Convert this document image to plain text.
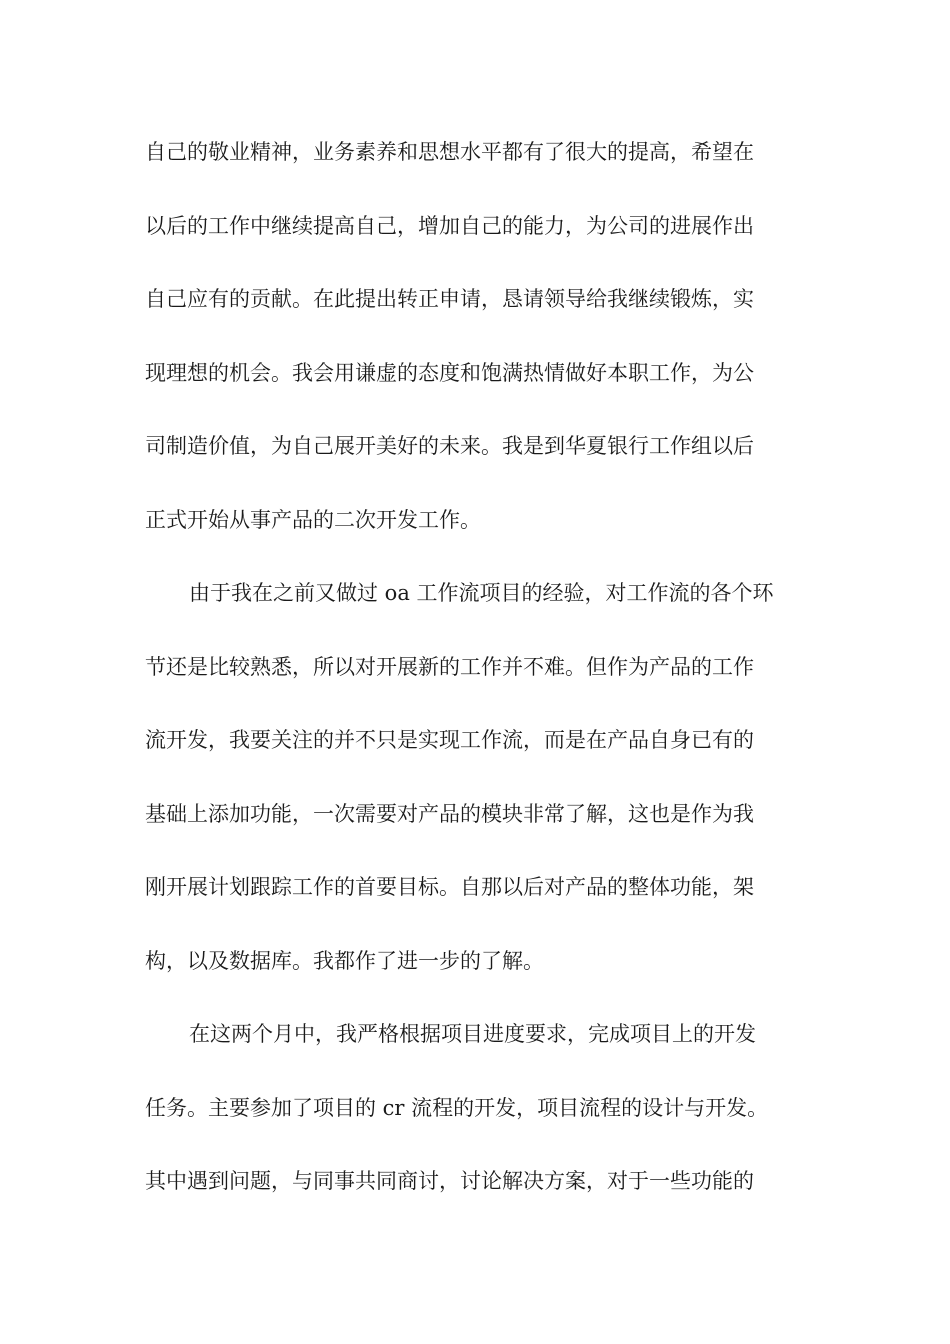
自己的敬业精神，业务素养和思想水平都有了很大的提高，希望在
以后的工作中继续提高自己，增加自己的能力，为公司的进展作出
自己应有的贡献。在此提出转正申请，恳请领导给我继续锻炼，实
现理想的机会。我会用谦虚的态度和饱满热情做好本职工作，为公
司制造价值，为自己展开美好的未来。我是到华夏银行工作组以后
正式开始从事产品的二次开发工作。
由于我在之前又做过 oa 工作流项目的经验，对工作流的各个环
节还是比较熟悉，所以对开展新的工作并不难。但作为产品的工作
流开发，我要关注的并不只是实现工作流，而是在产品自身已有的
基础上添加功能，一次需要对产品的模块非常了解，这也是作为我
刚开展计划跟踪工作的首要目标。自那以后对产品的整体功能，架
构，以及数据库。我都作了进一步的了解。
在这两个月中，我严格根据项目进度要求，完成项目上的开发
任务。主要参加了项目的 cr 流程的开发，项目流程的设计与开发。
其中遇到问题，与同事共同商讨，讨论解决方案，对于一些功能的
